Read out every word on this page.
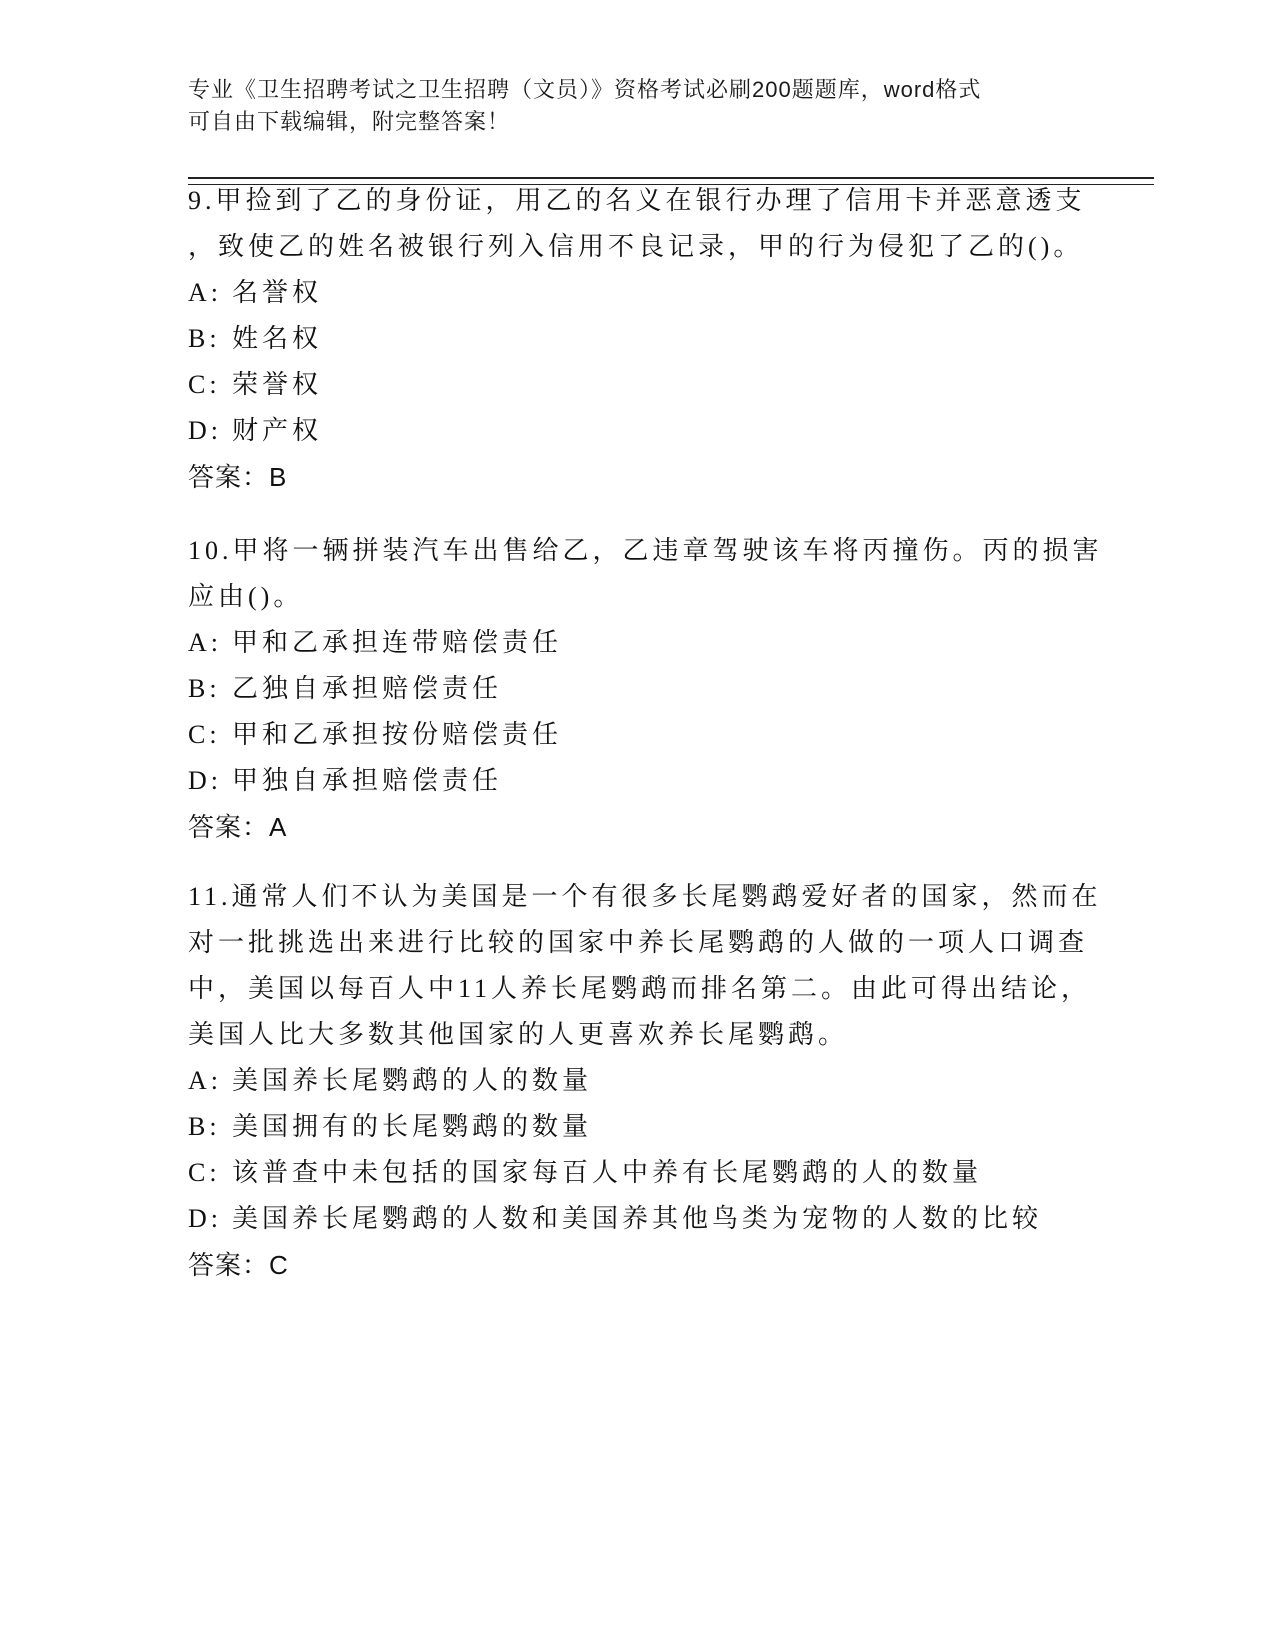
专业《卫生招聘考试之卫生招聘（文员）》资格考试必刷200题题库，word格式
可自由下载编辑，附完整答案！
9.甲捡到了乙的身份证，用乙的名义在银行办理了信用卡并恶意透支
，致使乙的姓名被银行列入信用不良记录，甲的行为侵犯了乙的()。
A: 名誉权
B: 姓名权
C: 荣誉权
D: 财产权
答案：B
10.甲将一辆拼装汽车出售给乙，乙违章驾驶该车将丙撞伤。丙的损害
应由()。
A: 甲和乙承担连带赔偿责任
B: 乙独自承担赔偿责任
C: 甲和乙承担按份赔偿责任
D: 甲独自承担赔偿责任
答案：A
11.通常人们不认为美国是一个有很多长尾鹦鹉爱好者的国家，然而在
对一批挑选出来进行比较的国家中养长尾鹦鹉的人做的一项人口调查
中，美国以每百人中11人养长尾鹦鹉而排名第二。由此可得出结论，
美国人比大多数其他国家的人更喜欢养长尾鹦鹉。
A: 美国养长尾鹦鹉的人的数量
B: 美国拥有的长尾鹦鹉的数量
C: 该普查中未包括的国家每百人中养有长尾鹦鹉的人的数量
D: 美国养长尾鹦鹉的人数和美国养其他鸟类为宠物的人数的比较
答案：C
